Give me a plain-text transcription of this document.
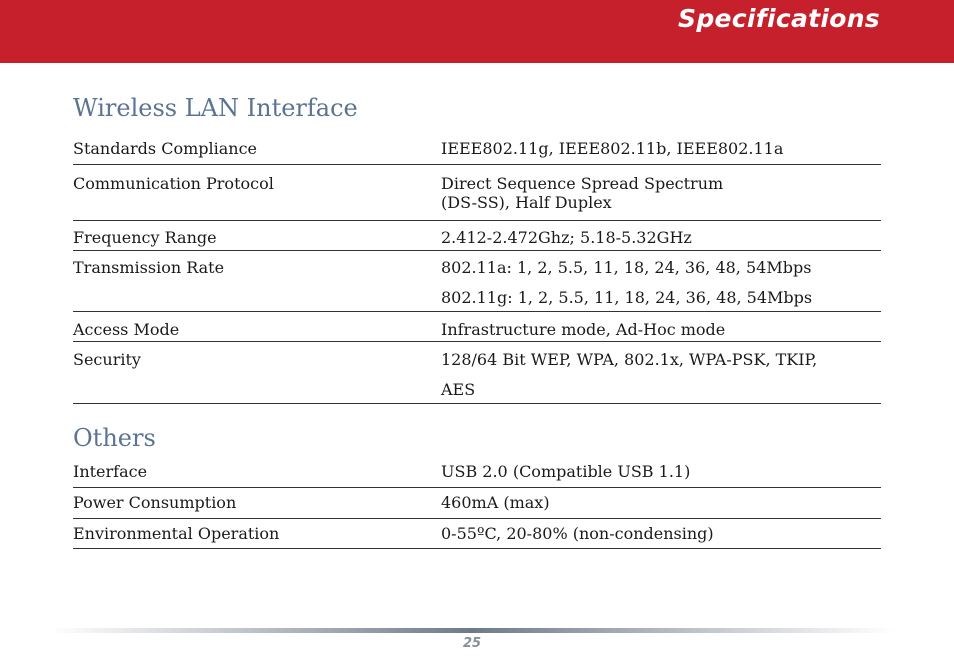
Specifications
Wireless LAN Interface
Standards Compliance	IEEE802.11g, IEEE802.11b, IEEE802.11a
Communication Protocol	Direct Sequence Spread Spectrum
(DS-SS), Half Duplex
Frequency Range	2.412-2.472Ghz; 5.18-5.32GHz
Transmission Rate	802.11a: 1, 2, 5.5, 11, 18, 24, 36, 48, 54Mbps
802.11g: 1, 2, 5.5, 11, 18, 24, 36, 48, 54Mbps
Access Mode	Infrastructure mode, Ad-Hoc mode
Security	128/64 Bit WEP, WPA, 802.1x, WPA-PSK, TKIP,
AES
Others
Interface	USB 2.0 (Compatible USB 1.1)
Power Consumption	460mA (max)
Environmental Operation	0-55ºC, 20-80% (non-condensing)
25
